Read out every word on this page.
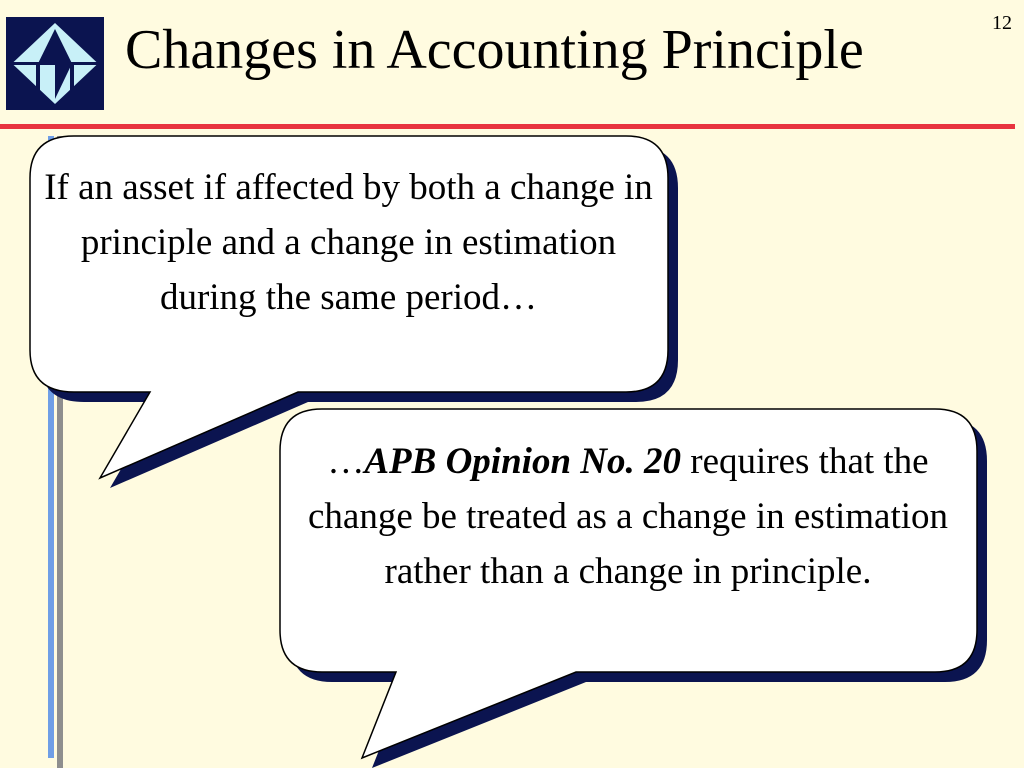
Changes in Accounting Principle	12

If an asset if affected by both a change in principle and a change in estimation during the same period…

…APB Opinion No. 20 requires that the change be treated as a change in estimation rather than a change in principle.
